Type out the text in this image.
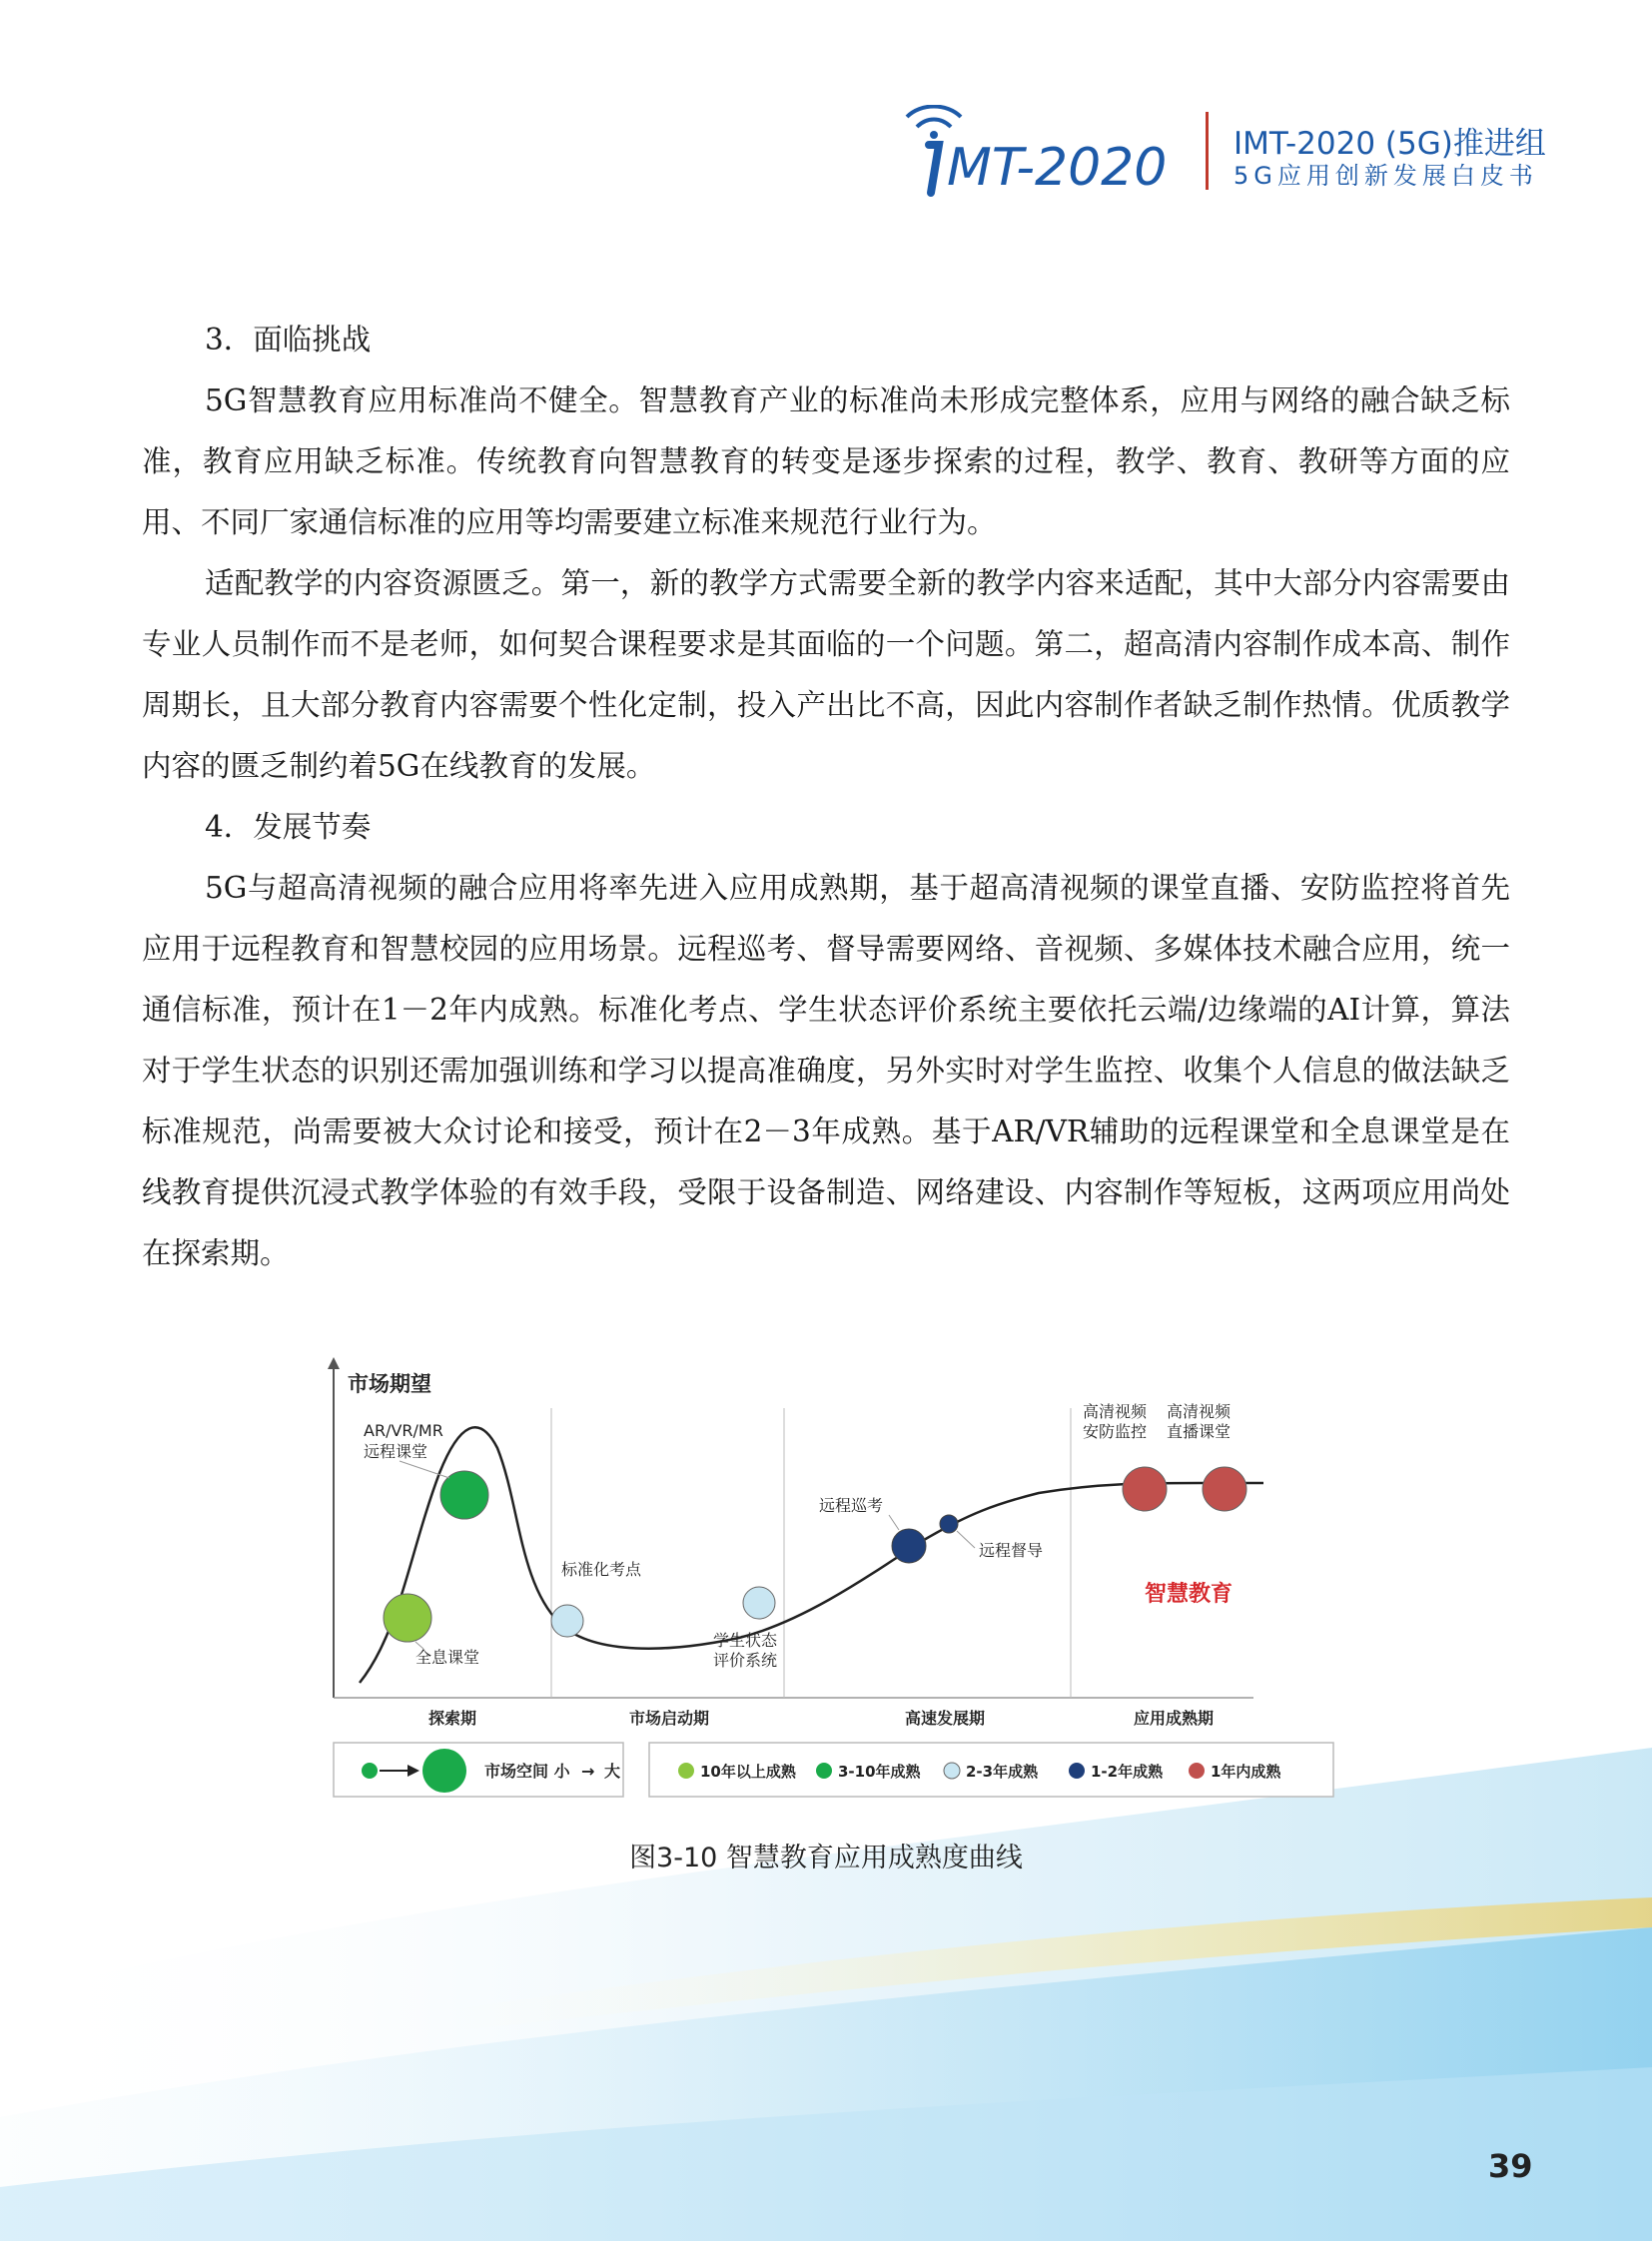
MT-2020 IMT-2020 (5G)推进组
5G应用创新发展白皮书

3．面临挑战

5G智慧教育应用标准尚不健全。智慧教育产业的标准尚未形成完整体系，应用与网络的融合缺乏标准，教育应用缺乏标准。传统教育向智慧教育的转变是逐步探索的过程，教学、教育、教研等方面的应用、不同厂家通信标准的应用等均需要建立标准来规范行业行为。

适配教学的内容资源匮乏。第一，新的教学方式需要全新的教学内容来适配，其中大部分内容需要由专业人员制作而不是老师，如何契合课程要求是其面临的一个问题。第二，超高清内容制作成本高、制作周期长，且大部分教育内容需要个性化定制，投入产出比不高，因此内容制作者缺乏制作热情。优质教学内容的匮乏制约着5G在线教育的发展。

4．发展节奏

5G与超高清视频的融合应用将率先进入应用成熟期，基于超高清视频的课堂直播、安防监控将首先应用于远程教育和智慧校园的应用场景。远程巡考、督导需要网络、音视频、多媒体技术融合应用，统一通信标准，预计在1－2年内成熟。标准化考点、学生状态评价系统主要依托云端/边缘端的AI计算，算法对于学生状态的识别还需加强训练和学习以提高准确度，另外实时对学生监控、收集个人信息的做法缺乏标准规范，尚需要被大众讨论和接受，预计在2－3年成熟。基于AR/VR辅助的远程课堂和全息课堂是在线教育提供沉浸式教学体验的有效手段，受限于设备制造、网络建设、内容制作等短板，这两项应用尚处在探索期。

市场期望
AR/VR/MR
远程课堂
全息课堂
标准化考点
学生状态
评价系统
远程巡考
远程督导
高清视频
安防监控
高清视频
直播课堂
智慧教育
探索期	市场启动期	高速发展期	应用成熟期
市场空间 小 → 大	10年以上成熟	3-10年成熟	2-3年成熟	1-2年成熟	1年内成熟
图3-10 智慧教育应用成熟度曲线
39
